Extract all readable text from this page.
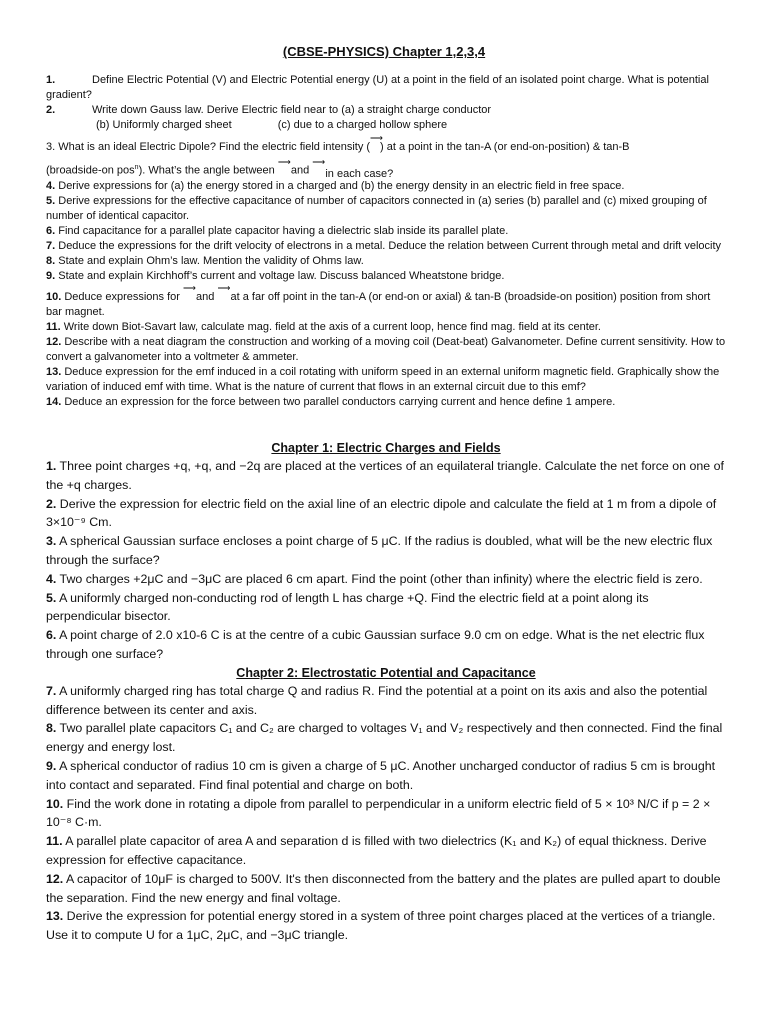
(CBSE-PHYSICS) Chapter 1,2,3,4

1.	Define Electric Potential (V) and Electric Potential energy (U) at a point in the field of an isolated point charge. What is potential gradient?

2.	Write down Gauss law. Derive Electric field near to (a) a straight charge conductor

(b) Uniformly charged sheet	(c) due to a charged hollow sphere

3. What is an ideal Electric Dipole? Find the electric field intensity ( ⟶ ) at a point in the tan-A (or end-on-position) & tan-B

(broadside-on pos$^n$). What’s the angle between ⟶ and ⟶ in each case?

4. Derive expressions for (a) the energy stored in a charged and (b) the energy density in an electric field in free space.

5. Derive expressions for the effective capacitance of number of capacitors connected in (a) series (b) parallel and (c) mixed grouping of number of identical capacitor.

6. Find capacitance for a parallel plate capacitor having a dielectric slab inside its parallel plate.

7. Deduce the expressions for the drift velocity of electrons in a metal. Deduce the relation between Current through metal and drift velocity

8. State and explain Ohm’s law. Mention the validity of Ohms law.

9. State and explain Kirchhoff’s current and voltage law. Discuss balanced Wheatstone bridge.

10. Deduce expressions for ⟶ and ⟶ at a far off point in the tan-A (or end-on or axial) & tan-B (broadside-on position) position from short bar magnet.

11. Write down Biot-Savart law, calculate mag. field at the axis of a current loop, hence find mag. field at its center.

12. Describe with a neat diagram the construction and working of a moving coil (Deat-beat) Galvanometer. Define current sensitivity. How to convert a galvanometer into a voltmeter & ammeter.

13. Deduce expression for the emf induced in a coil rotating with uniform speed in an external uniform magnetic field. Graphically show the variation of induced emf with time. What is the nature of current that flows in an external circuit due to this emf?

14. Deduce an expression for the force between two parallel conductors carrying current and hence define 1 ampere.

Chapter 1: Electric Charges and Fields

1. Three point charges +q, +q, and −2q are placed at the vertices of an equilateral triangle. Calculate the net force on one of the +q charges.

2. Derive the expression for electric field on the axial line of an electric dipole and calculate the field at 1 m from a dipole of 3×10⁻⁹ Cm.

3. A spherical Gaussian surface encloses a point charge of 5 μC. If the radius is doubled, what will be the new electric flux through the surface?

4. Two charges +2μC and −3μC are placed 6 cm apart. Find the point (other than infinity) where the electric field is zero.

5. A uniformly charged non-conducting rod of length L has charge +Q. Find the electric field at a point along its perpendicular bisector.

6. A point charge of 2.0 x10-6 C is at the centre of a cubic Gaussian surface 9.0 cm on edge. What is the net electric flux through one surface?

Chapter 2: Electrostatic Potential and Capacitance

7. A uniformly charged ring has total charge Q and radius R. Find the potential at a point on its axis and also the potential difference between its center and axis.

8. Two parallel plate capacitors C₁ and C₂ are charged to voltages V₁ and V₂ respectively and then connected. Find the final energy and energy lost.

9. A spherical conductor of radius 10 cm is given a charge of 5 μC. Another uncharged conductor of radius 5 cm is brought into contact and separated. Find final potential and charge on both.

10. Find the work done in rotating a dipole from parallel to perpendicular in a uniform electric field of 5 × 10³ N/C if p = 2 × 10⁻⁸ C·m.

11. A parallel plate capacitor of area A and separation d is filled with two dielectrics (K₁ and K₂) of equal thickness. Derive expression for effective capacitance.

12. A capacitor of 10μF is charged to 500V. It's then disconnected from the battery and the plates are pulled apart to double the separation. Find the new energy and final voltage.

13. Derive the expression for potential energy stored in a system of three point charges placed at the vertices of a triangle. Use it to compute U for a 1μC, 2μC, and −3μC triangle.
